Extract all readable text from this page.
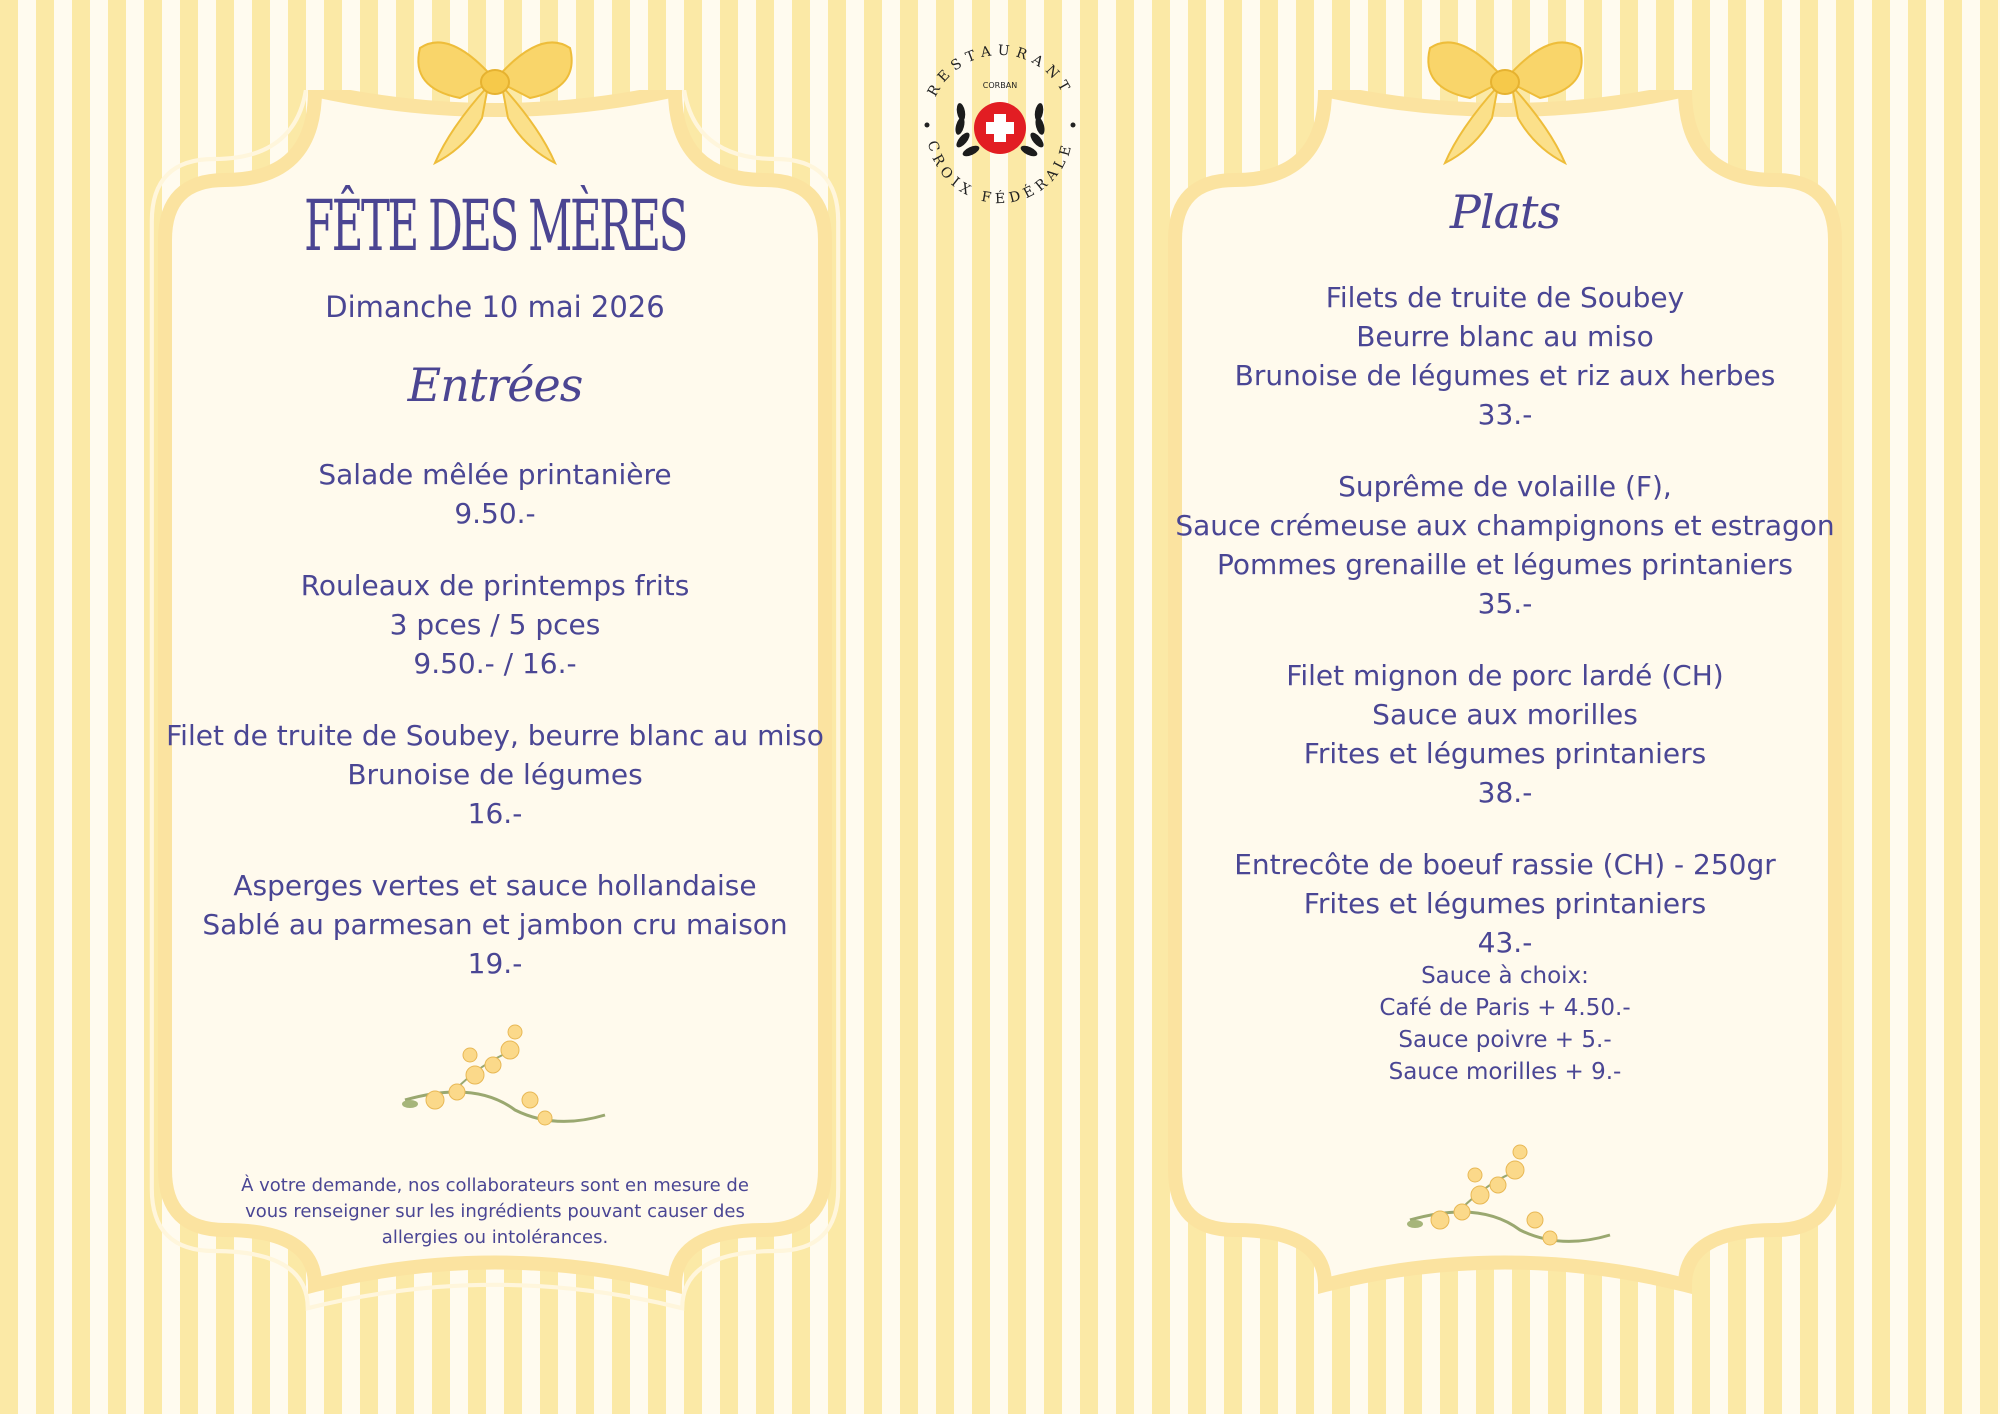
FÊTE DES MÈRES
Dimanche 10 mai 2026
Entrées
Salade mêlée printanière
9.50.-
Rouleaux de printemps frits
3 pces / 5 pces
9.50.- / 16.-
Filet de truite de Soubey, beurre blanc au miso
Brunoise de légumes
16.-
Asperges vertes et sauce hollandaise
Sablé au parmesan et jambon cru maison
19.-
À votre demande, nos collaborateurs sont en mesure de vous renseigner sur les ingrédients pouvant causer des allergies ou intolérances.
Plats
Filets de truite de Soubey
Beurre blanc au miso
Brunoise de légumes et riz aux herbes
33.-
Suprême de volaille (F),
Sauce crémeuse aux champignons et estragon
Pommes grenaille et légumes printaniers
35.-
Filet mignon de porc lardé (CH)
Sauce aux morilles
Frites et légumes printaniers
38.-
Entrecôte de boeuf rassie (CH) - 250gr
Frites et légumes printaniers
43.-
Sauce à choix:
Café de Paris + 4.50.-
Sauce poivre + 5.-
Sauce morilles + 9.-
RESTAURANT
CROIX FÉDÉRALE
CORBAN
